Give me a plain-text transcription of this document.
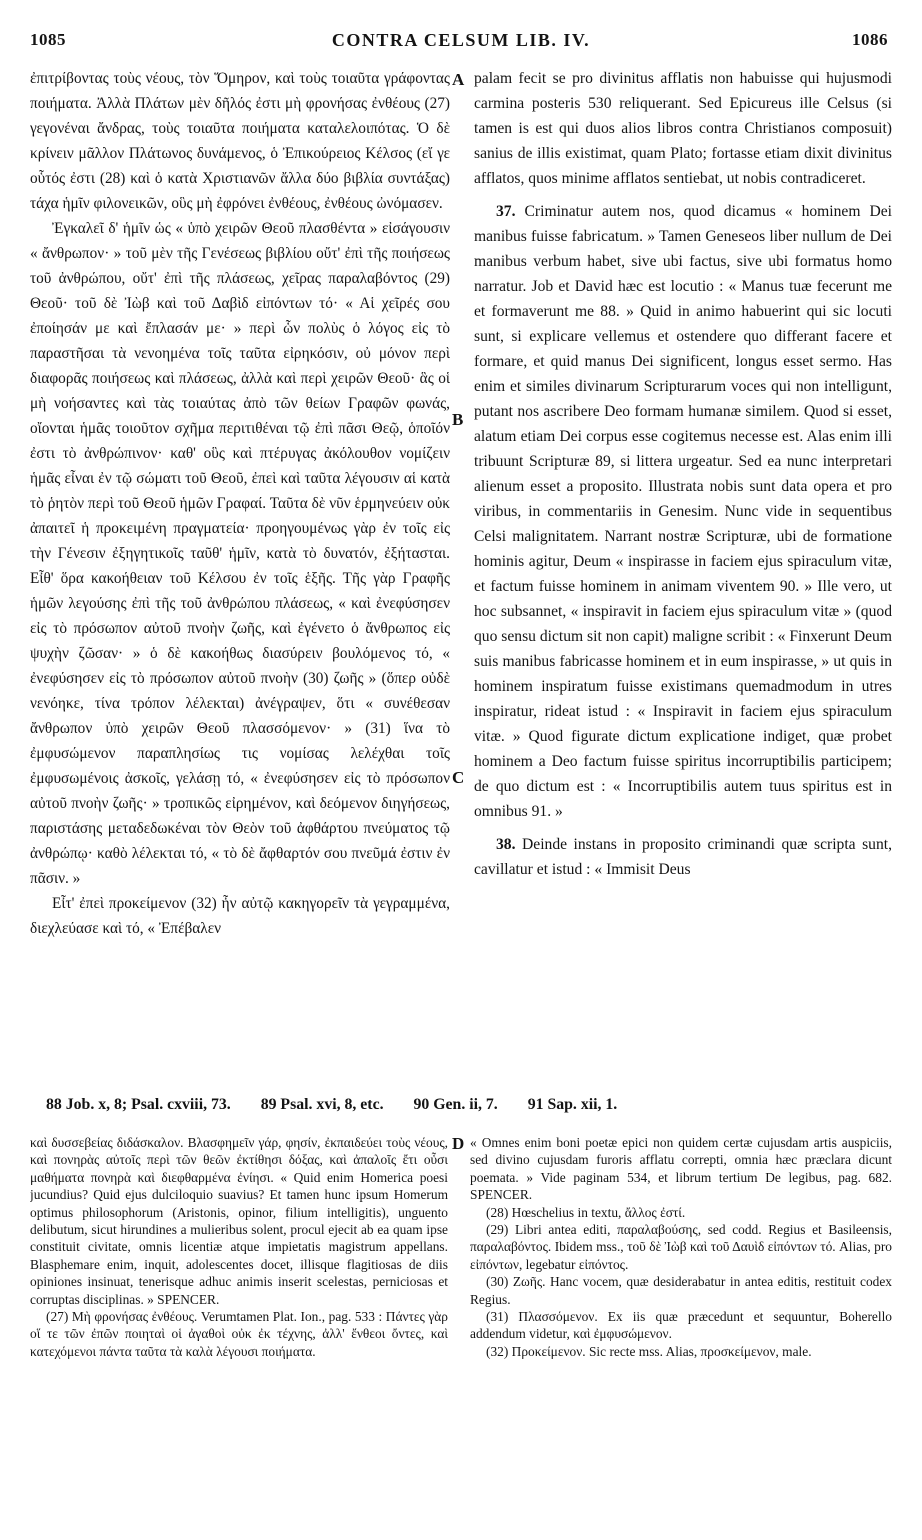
1085	CONTRA CELSUM LIB. IV.	1086

ἐπιτρίβοντας τοὺς νέους, τὸν Ὅμηρον, καὶ τοὺς τοιαῦτα γράφοντας ποιήματα. Ἀλλὰ Πλάτων μὲν δῆλός ἐστι μὴ φρονήσας ἐνθέους (27) γεγονέναι ἄνδρας, τοὺς τοιαῦτα ποιήματα καταλελοιπότας. Ὁ δὲ κρίνειν μᾶλλον Πλάτωνος δυνάμενος, ὁ Ἐπικούρειος Κέλσος (εἴ γε οὗτός ἐστι (28) καὶ ὁ κατὰ Χριστιανῶν ἄλλα δύο βιβλία συντάξας) τάχα ἡμῖν φιλονεικῶν, οὓς μὴ ἐφρόνει ἐνθέους, ἐνθέους ὠνόμασεν.

Ἐγκαλεῖ δ' ἡμῖν ὡς « ὑπὸ χειρῶν Θεοῦ πλασθέντα » εἰσάγουσιν « ἄνθρωπον· » τοῦ μὲν τῆς Γενέσεως βιβλίου οὔτ' ἐπὶ τῆς ποιήσεως τοῦ ἀνθρώπου, οὔτ' ἐπὶ τῆς πλάσεως, χεῖρας παραλαβόντος (29) Θεοῦ· τοῦ δὲ Ἰὼβ καὶ τοῦ Δαβὶδ εἰπόντων τό· « Αἱ χεῖρές σου ἐποίησάν με καὶ ἔπλασάν με· » περὶ ὧν πολὺς ὁ λόγος εἰς τὸ παραστῆσαι τὰ νενοημένα τοῖς ταῦτα εἰρηκόσιν, οὐ μόνον περὶ διαφορᾶς ποιήσεως καὶ πλάσεως, ἀλλὰ καὶ περὶ χειρῶν Θεοῦ· ἃς οἱ μὴ νοήσαντες καὶ τὰς τοιαύτας ἀπὸ τῶν θείων Γραφῶν φωνάς, οἴονται ἡμᾶς τοιοῦτον σχῆμα περιτιθέναι τῷ ἐπὶ πᾶσι Θεῷ, ὁποῖόν ἐστι τὸ ἀνθρώπινον· καθ' οὓς καὶ πτέρυγας ἀκόλουθον νομίζειν ἡμᾶς εἶναι ἐν τῷ σώματι τοῦ Θεοῦ, ἐπεὶ καὶ ταῦτα λέγουσιν αἱ κατὰ τὸ ῥητὸν περὶ τοῦ Θεοῦ ἡμῶν Γραφαί. Ταῦτα δὲ νῦν ἑρμηνεύειν οὐκ ἀπαιτεῖ ἡ προκειμένη πραγματεία· προηγουμένως γὰρ ἐν τοῖς εἰς τὴν Γένεσιν ἐξηγητικοῖς ταῦθ' ἡμῖν, κατὰ τὸ δυνατόν, ἐξήτασται. Εἶθ' ὅρα κακοήθειαν τοῦ Κέλσου ἐν τοῖς ἑξῆς. Τῆς γὰρ Γραφῆς ἡμῶν λεγούσης ἐπὶ τῆς τοῦ ἀνθρώπου πλάσεως, « καὶ ἐνεφύσησεν εἰς τὸ πρόσωπον αὐτοῦ πνοὴν ζωῆς, καὶ ἐγένετο ὁ ἄνθρωπος εἰς ψυχὴν ζῶσαν· » ὁ δὲ κακοήθως διασύρειν βουλόμενος τό, « ἐνεφύσησεν εἰς τὸ πρόσωπον αὐτοῦ πνοὴν (30) ζωῆς » (ὅπερ οὐδὲ νενόηκε, τίνα τρόπον λέλεκται) ἀνέγραψεν, ὅτι « συνέθεσαν ἄνθρωπον ὑπὸ χειρῶν Θεοῦ πλασσόμενον· » (31) ἵνα τὸ ἐμφυσώμενον παραπλησίως τις νομίσας λελέχθαι τοῖς ἐμφυσωμένοις ἀσκοῖς, γελάσῃ τό, « ἐνεφύσησεν εἰς τὸ πρόσωπον αὐτοῦ πνοὴν ζωῆς· » τροπικῶς εἰρημένον, καὶ δεόμενον διηγήσεως, παριστάσης μεταδεδωκέναι τὸν Θεὸν τοῦ ἀφθάρτου πνεύματος τῷ ἀνθρώπῳ· καθὸ λέλεκται τό, « τὸ δὲ ἄφθαρτόν σου πνεῦμά ἐστιν ἐν πᾶσιν. »

Εἶτ' ἐπεὶ προκείμενον (32) ἦν αὐτῷ κακηγορεῖν τὰ γεγραμμένα, διεχλεύασε καὶ τό, « Ἐπέβαλεν

A
B
C
D

palam fecit se pro divinitus afflatis non habuisse qui hujusmodi carmina posteris 530 reliquerant. Sed Epicureus ille Celsus (si tamen is est qui duos alios libros contra Christianos composuit) sanius de illis existimat, quam Plato; fortasse etiam dixit divinitus afflatos, quos minime afflatos sentiebat, ut nobis contradiceret.

37. Criminatur autem nos, quod dicamus « hominem Dei manibus fuisse fabricatum. » Tamen Geneseos liber nullum de Dei manibus verbum habet, sive ubi factus, sive ubi formatus homo narratur. Job et David hæc est locutio : « Manus tuæ fecerunt me et formaverunt me 88. » Quid in animo habuerint qui sic locuti sunt, si explicare vellemus et ostendere quo differant facere et formare, et quid manus Dei significent, longus esset sermo. Has enim et similes divinarum Scripturarum voces qui non intelligunt, putant nos ascribere Deo formam humanæ similem. Quod si esset, alatum etiam Dei corpus esse cogitemus necesse est. Alas enim illi tribuunt Scripturæ 89, si littera urgeatur. Sed ea nunc interpretari alienum esset a proposito. Illustrata nobis sunt data opera et pro viribus, in commentariis in Genesim. Nunc vide in sequentibus Celsi malignitatem. Narrant nostræ Scripturæ, ubi de formatione hominis agitur, Deum « inspirasse in faciem ejus spiraculum vitæ, et factum fuisse hominem in animam viventem 90. » Ille vero, ut hoc subsannet, « inspiravit in faciem ejus spiraculum vitæ » (quod quo sensu dictum sit non capit) maligne scribit : « Finxerunt Deum suis manibus fabricasse hominem et in eum inspirasse, » ut quis in hominem inspiratum fuisse existimans quemadmodum in utres inspiratur, rideat istud : « Inspiravit in faciem ejus spiraculum vitæ. » Quod figurate dictum explicatione indiget, quæ probet hominem a Deo factum fuisse spiritus incorruptibilis participem; de quo dictum est : « Incorruptibilis autem tuus spiritus est in omnibus 91. »

38. Deinde instans in proposito criminandi quæ scripta sunt, cavillatur et istud : « Immisit Deus

88 Job. x, 8; Psal. cxviii, 73. 89 Psal. xvi, 8, etc. 90 Gen. ii, 7. 91 Sap. xii, 1.

καὶ δυσσεβείας διδάσκαλον. Βλασφημεῖν γάρ, φησίν, ἐκπαιδεύει τοὺς νέους, καὶ πονηρὰς αὐτοῖς περὶ τῶν θεῶν ἐκτίθησι δόξας, καὶ ἀπαλοῖς ἔτι οὖσι μαθήματα πονηρὰ καὶ διεφθαρμένα ἐνίησι. « Quid enim Homerica poesi jucundius? Quid ejus dulciloquio suavius? Et tamen hunc ipsum Homerum optimus philosophorum (Aristonis, opinor, filium intelligitis), unguento delibutum, sicut hirundines a mulieribus solent, procul ejecit ab ea quam ipse constituit civitate, omnis licentiæ atque impietatis magistrum appellans. Blasphemare enim, inquit, adolescentes docet, illisque flagitiosas de diis opiniones insinuat, tenerisque adhuc animis inserit scelestas, perniciosas et corruptas disciplinas. » SPENCER.

(27) Μὴ φρονήσας ἐνθέους. Verumtamen Plat. Ion., pag. 533 : Πάντες γὰρ οἵ τε τῶν ἐπῶν ποιηταὶ οἱ ἀγαθοὶ οὐκ ἐκ τέχνης, ἀλλ' ἔνθεοι ὄντες, καὶ κατεχόμενοι πάντα ταῦτα τὰ καλὰ λέγουσι ποιήματα.

« Omnes enim boni poetæ epici non quidem certæ cujusdam artis auspiciis, sed divino cujusdam furoris afflatu correpti, omnia hæc præclara dicunt poemata. » Vide paginam 534, et librum tertium De legibus, pag. 682. SPENCER.

(28) Hœschelius in textu, ἄλλος ἐστί.

(29) Libri antea editi, παραλαβούσης, sed codd. Regius et Basileensis, παραλαβόντος. Ibidem mss., τοῦ δὲ Ἰὼβ καὶ τοῦ Δαυὶδ εἰπόντων τό. Alias, pro εἰπόντων, legebatur εἰπόντος.

(30) Ζωῆς. Hanc vocem, quæ desiderabatur in antea editis, restituit codex Regius.

(31) Πλασσόμενον. Ex iis quæ præcedunt et sequuntur, Boherello addendum videtur, καὶ ἐμφυσώμενον.

(32) Προκείμενον. Sic recte mss. Alias, προσκείμενον, male.
